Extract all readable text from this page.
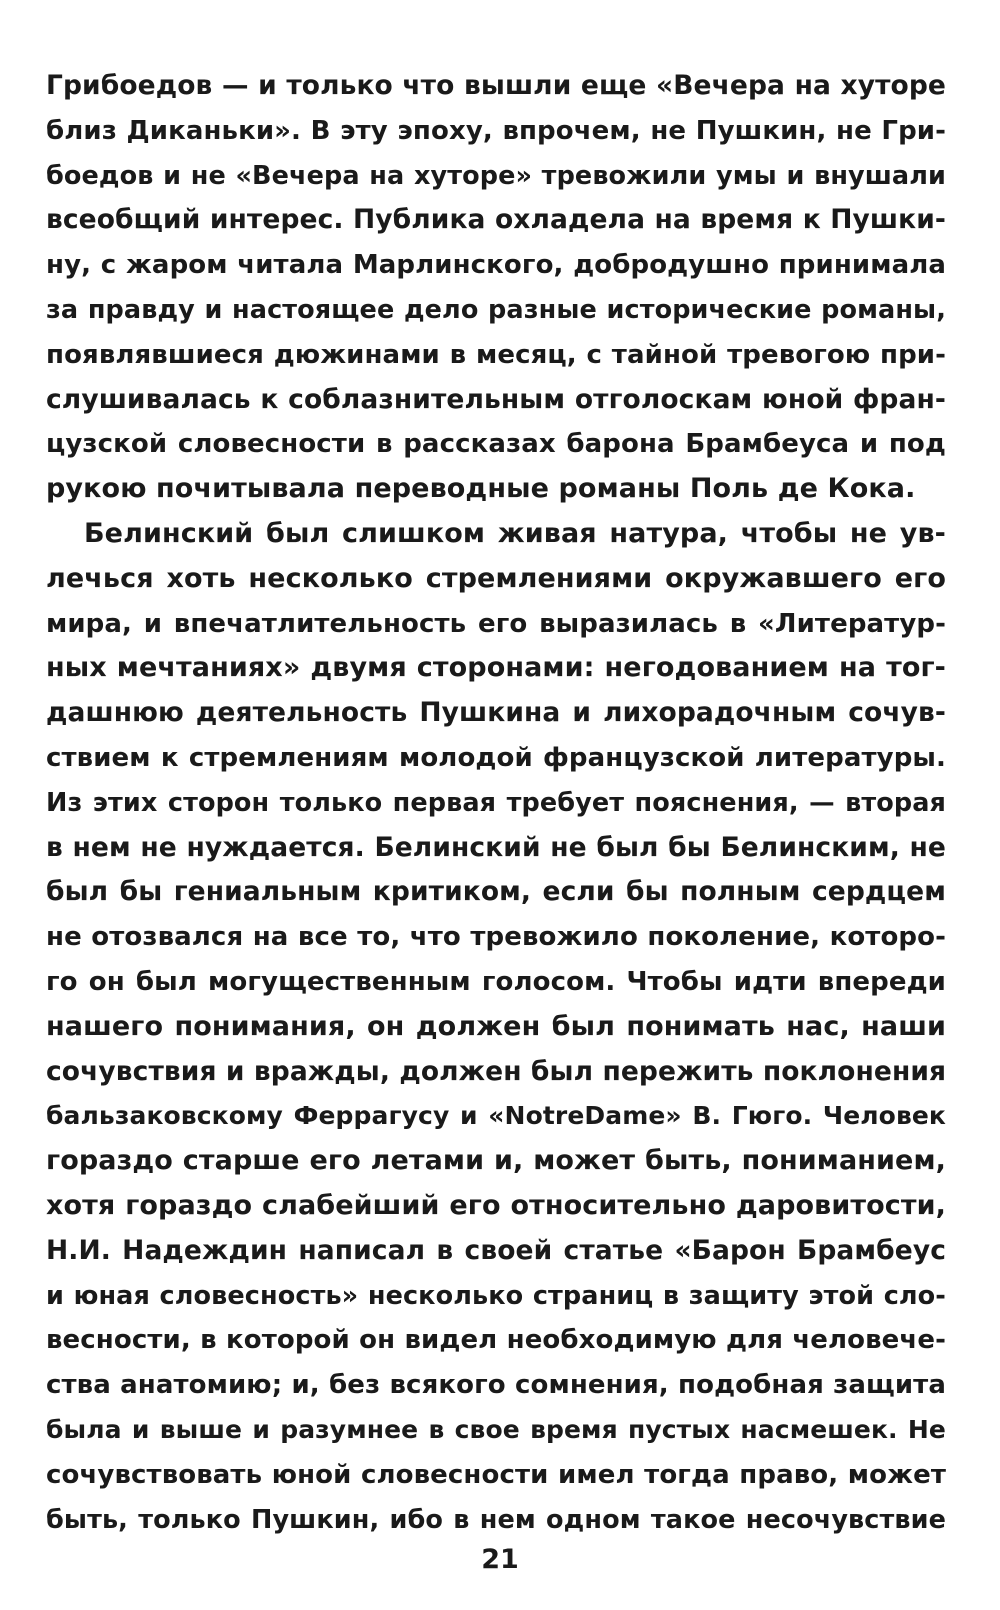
Грибоедов — и только что вышли еще «Вечера на хуторе
близ Диканьки». В эту эпоху, впрочем, не Пушкин, не Гри-
боедов и не «Вечера на хуторе» тревожили умы и внушали
всеобщий интерес. Публика охладела на время к Пушки-
ну, с жаром читала Марлинского, добродушно принимала
за правду и настоящее дело разные исторические романы,
появлявшиеся дюжинами в месяц, с тайной тревогою при-
слушивалась к соблазнительным отголоскам юной фран-
цузской словесности в рассказах барона Брамбеуса и под
рукою почитывала переводные романы Поль де Кока.
Белинский был слишком живая натура, чтобы не ув-
лечься хоть несколько стремлениями окружавшего его
мира, и впечатлительность его выразилась в «Литератур-
ных мечтаниях» двумя сторонами: негодованием на тог-
дашнюю деятельность Пушкина и лихорадочным сочув-
ствием к стремлениям молодой французской литературы.
Из этих сторон только первая требует пояснения, — вторая
в нем не нуждается. Белинский не был бы Белинским, не
был бы гениальным критиком, если бы полным сердцем
не отозвался на все то, что тревожило поколение, которо-
го он был могущественным голосом. Чтобы идти впереди
нашего понимания, он должен был понимать нас, наши
сочувствия и вражды, должен был пережить поклонения
бальзаковскому Феррагусу и «NotreDame» В. Гюго. Человек
гораздо старше его летами и, может быть, пониманием,
хотя гораздо слабейший его относительно даровитости,
Н.И. Надеждин написал в своей статье «Барон Брамбеус
и юная словесность» несколько страниц в защиту этой сло-
весности, в которой он видел необходимую для человече-
ства анатомию; и, без всякого сомнения, подобная защита
была и выше и разумнее в свое время пустых насмешек. Не
сочувствовать юной словесности имел тогда право, может
быть, только Пушкин, ибо в нем одном такое несочувствие
21
